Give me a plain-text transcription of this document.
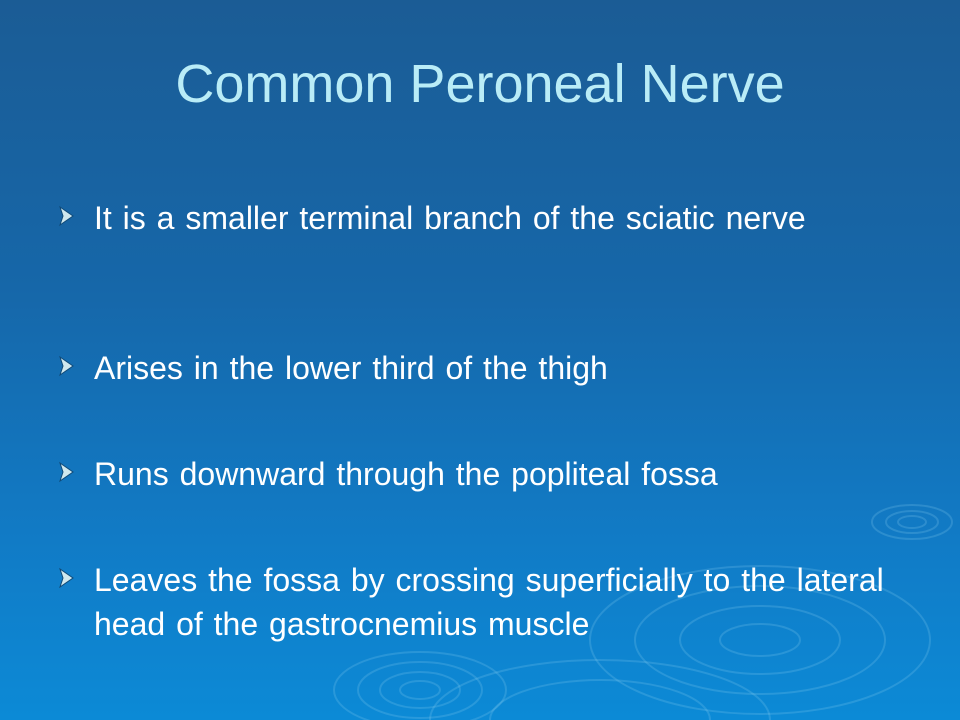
Common Peroneal Nerve
It is a smaller terminal branch of the sciatic nerve
Arises in the lower third of the thigh
Runs downward through the popliteal fossa
Leaves the fossa by crossing superficially to the lateral head of the gastrocnemius muscle
